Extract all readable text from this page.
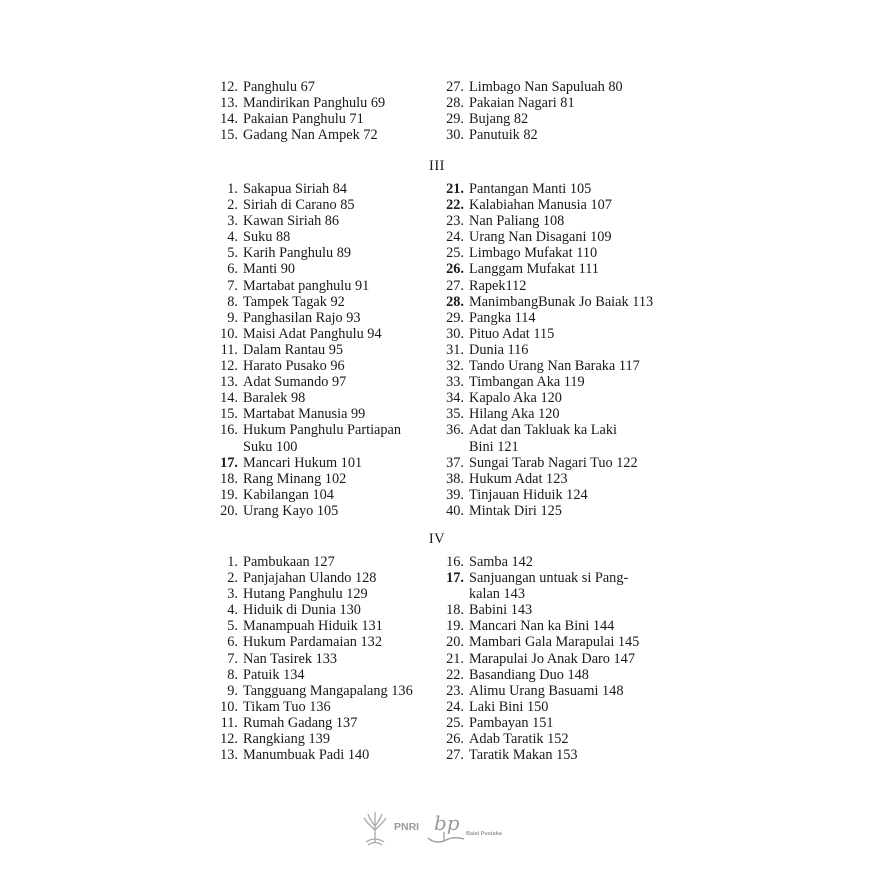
12. Panghulu 67
13. Mandirikan Panghulu 69
14. Pakaian Panghulu 71
15. Gadang Nan Ampek 72
27. Limbago Nan Sapuluah 80
28. Pakaian Nagari 81
29. Bujang 82
30. Panutuik 82
III
1. Sakapua Siriah 84
2. Siriah di Carano 85
3. Kawan Siriah 86
4. Suku 88
5. Karih Panghulu 89
6. Manti 90
7. Martabat panghulu 91
8. Tampek Tagak 92
9. Panghasilan Rajo 93
10. Maisi Adat Panghulu 94
11. Dalam Rantau 95
12. Harato Pusako 96
13. Adat Sumando 97
14. Baralek 98
15. Martabat Manusia 99
16. Hukum Panghulu Partiapan
Suku 100
17. Mancari Hukum 101
18. Rang Minang 102
19. Kabilangan 104
20. Urang Kayo 105
21. Pantangan Manti 105
22. Kalabiahan Manusia 107
23. Nan Paliang 108
24. Urang Nan Disagani 109
25. Limbago Mufakat 110
26. Langgam Mufakat 111
27. Rapek112
28. ManimbangBunak Jo Baiak 113
29. Pangka 114
30. Pituo Adat 115
31. Dunia 116
32. Tando Urang Nan Baraka 117
33. Timbangan Aka 119
34. Kapalo Aka 120
35. Hilang Aka 120
36. Adat dan Takluak ka Laki
Bini 121
37. Sungai Tarab Nagari Tuo 122
38. Hukum Adat 123
39. Tinjauan Hiduik 124
40. Mintak Diri 125
IV
1. Pambukaan 127
2. Panjajahan Ulando 128
3. Hutang Panghulu 129
4. Hiduik di Dunia 130
5. Manampuah Hiduik 131
6. Hukum Pardamaian 132
7. Nan Tasirek 133
8. Patuik 134
9. Tangguang Mangapalang 136
10. Tikam Tuo 136
11. Rumah Gadang 137
12. Rangkiang 139
13. Manumbuak Padi 140
16. Samba 142
17. Sanjuangan untuak si Pang-
kalan 143
18. Babini 143
19. Mancari Nan ka Bini 144
20. Mambari Gala Marapulai 145
21. Marapulai Jo Anak Daro 147
22. Basandiang Duo 148
23. Alimu Urang Basuami 148
24. Laki Bini 150
25. Pambayan 151
26. Adab Taratik 152
27. Taratik Makan 153
PNRI bp Balai Pustaka
